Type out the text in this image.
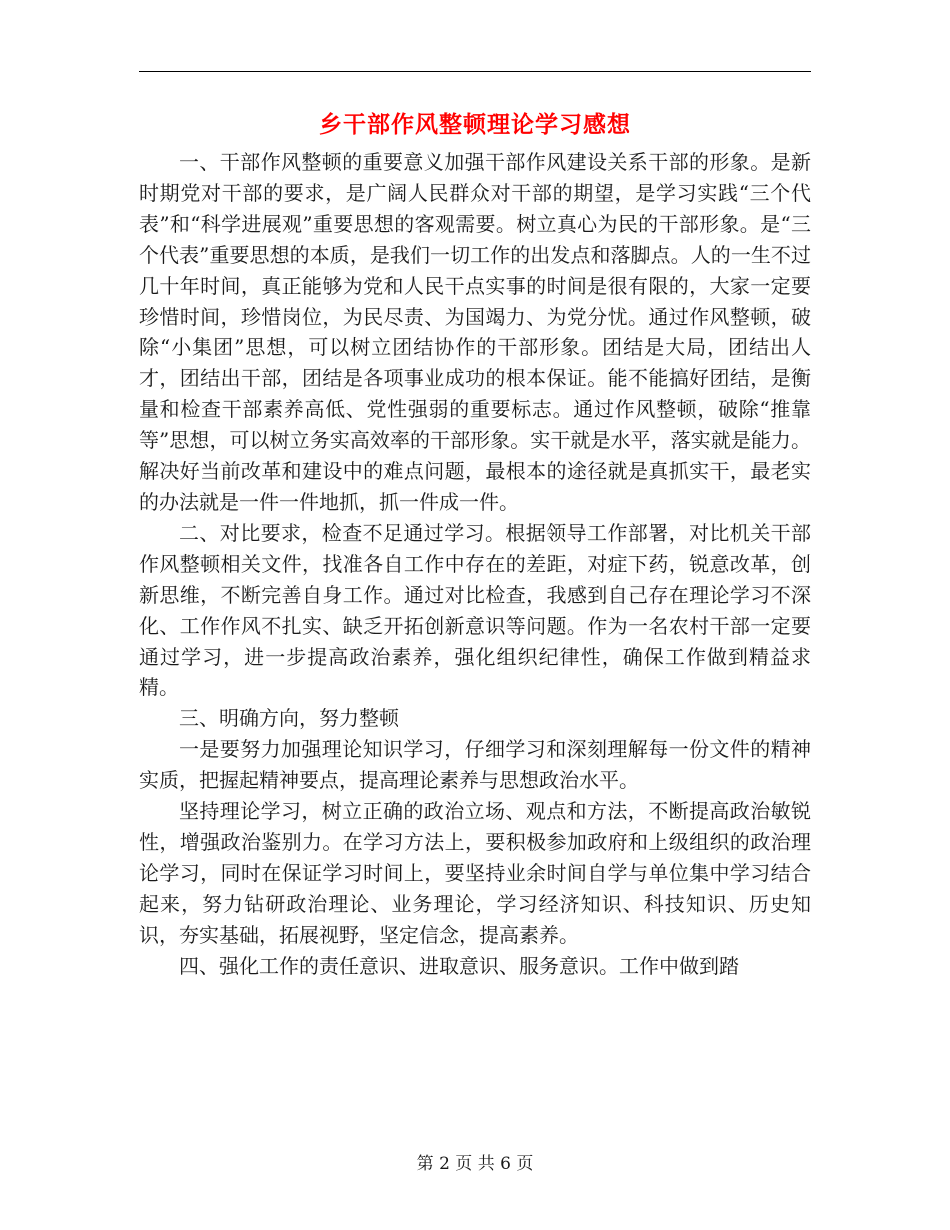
乡干部作风整顿理论学习感想

一、干部作风整顿的重要意义加强干部作风建设关系干部的形象。是新时期党对干部的要求，是广阔人民群众对干部的期望，是学习实践“三个代表”和“科学进展观”重要思想的客观需要。树立真心为民的干部形象。是“三个代表”重要思想的本质，是我们一切工作的出发点和落脚点。人的一生不过几十年时间，真正能够为党和人民干点实事的时间是很有限的，大家一定要珍惜时间，珍惜岗位，为民尽责、为国竭力、为党分忧。通过作风整顿，破除“小集团”思想，可以树立团结协作的干部形象。团结是大局，团结出人才，团结出干部，团结是各项事业成功的根本保证。能不能搞好团结，是衡量和检查干部素养高低、党性强弱的重要标志。通过作风整顿，破除“推靠等”思想，可以树立务实高效率的干部形象。实干就是水平，落实就是能力。解决好当前改革和建设中的难点问题，最根本的途径就是真抓实干，最老实的办法就是一件一件地抓，抓一件成一件。

二、对比要求，检查不足通过学习。根据领导工作部署，对比机关干部作风整顿相关文件，找准各自工作中存在的差距，对症下药，锐意改革，创新思维，不断完善自身工作。通过对比检查，我感到自己存在理论学习不深化、工作作风不扎实、缺乏开拓创新意识等问题。作为一名农村干部一定要通过学习，进一步提高政治素养，强化组织纪律性，确保工作做到精益求精。

三、明确方向，努力整顿

一是要努力加强理论知识学习，仔细学习和深刻理解每一份文件的精神实质，把握起精神要点，提高理论素养与思想政治水平。

坚持理论学习，树立正确的政治立场、观点和方法，不断提高政治敏锐性，增强政治鉴别力。在学习方法上，要积极参加政府和上级组织的政治理论学习，同时在保证学习时间上，要坚持业余时间自学与单位集中学习结合起来，努力钻研政治理论、业务理论，学习经济知识、科技知识、历史知识，夯实基础，拓展视野，坚定信念，提高素养。

四、强化工作的责任意识、进取意识、服务意识。工作中做到踏

第 2 页 共 6 页
